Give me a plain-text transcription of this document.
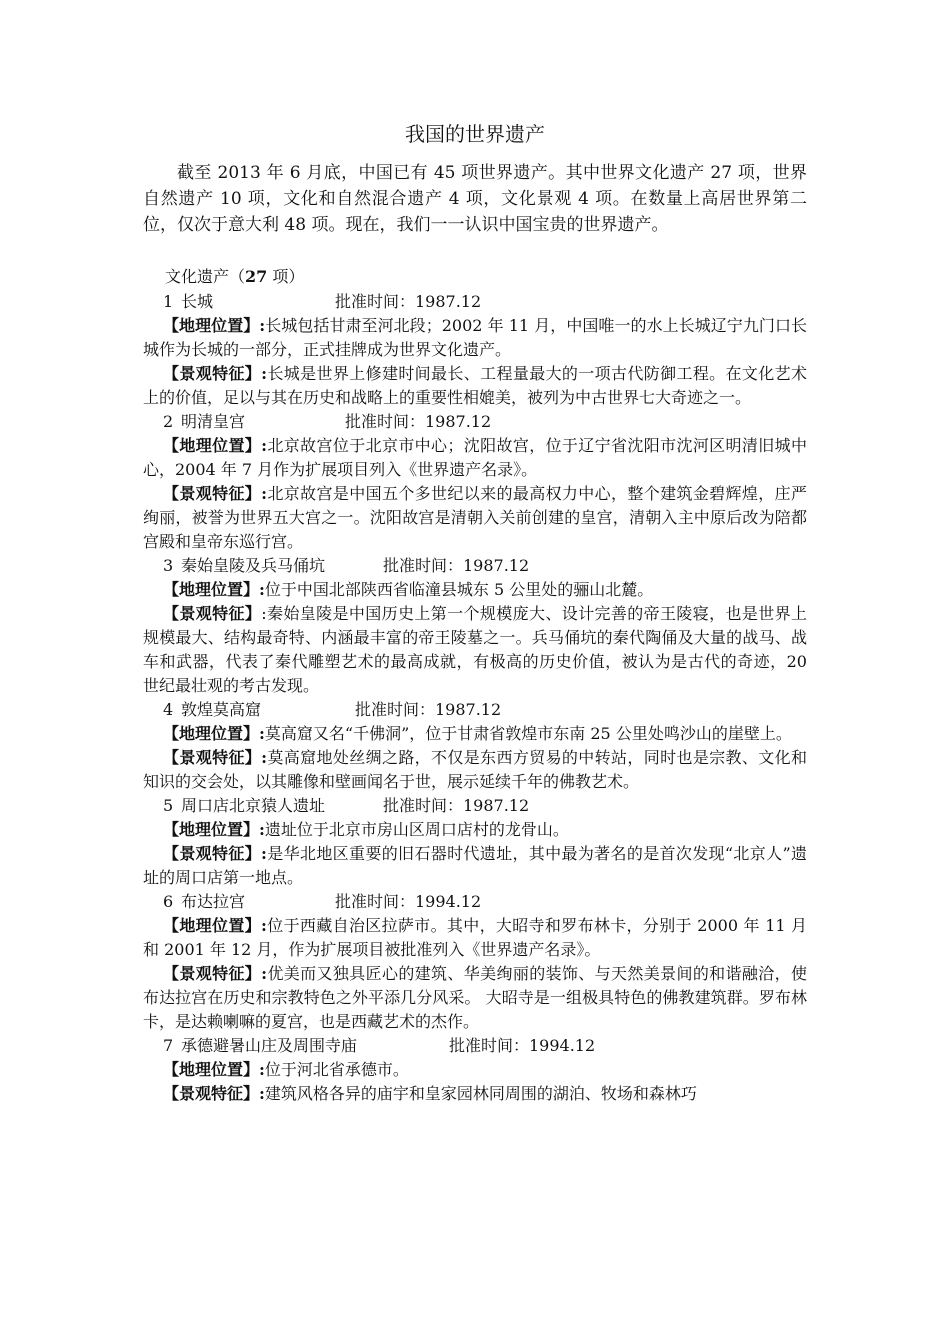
我国的世界遗产

截至 2013 年 6 月底，中国已有 45 项世界遗产。其中世界文化遗产 27 项，世界自然遗产 10 项，文化和自然混合遗产 4 项，文化景观 4 项。在数量上高居世界第二位，仅次于意大利 48 项。现在，我们一一认识中国宝贵的世界遗产。

文化遗产（27 项）

1 长城	批准时间：1987.12

【地理位置】:长城包括甘肃至河北段；2002 年 11 月，中国唯一的水上长城辽宁九门口长城作为长城的一部分，正式挂牌成为世界文化遗产。

【景观特征】:长城是世界上修建时间最长、工程量最大的一项古代防御工程。在文化艺术上的价值，足以与其在历史和战略上的重要性相媲美，被列为中古世界七大奇迹之一。

2 明清皇宫	批准时间：1987.12

【地理位置】:北京故宫位于北京市中心；沈阳故宫，位于辽宁省沈阳市沈河区明清旧城中心，2004 年 7 月作为扩展项目列入《世界遗产名录》。

【景观特征】:北京故宫是中国五个多世纪以来的最高权力中心，整个建筑金碧辉煌，庄严绚丽，被誉为世界五大宫之一。沈阳故宫是清朝入关前创建的皇宫，清朝入主中原后改为陪都宫殿和皇帝东巡行宫。

3 秦始皇陵及兵马俑坑	批准时间：1987.12

【地理位置】:位于中国北部陕西省临潼县城东 5 公里处的骊山北麓。

【景观特征】:秦始皇陵是中国历史上第一个规模庞大、设计完善的帝王陵寝，也是世界上规模最大、结构最奇特、内涵最丰富的帝王陵墓之一。兵马俑坑的秦代陶俑及大量的战马、战车和武器，代表了秦代雕塑艺术的最高成就，有极高的历史价值，被认为是古代的奇迹，20 世纪最壮观的考古发现。

4 敦煌莫高窟	批准时间：1987.12

【地理位置】:莫高窟又名“千佛洞”，位于甘肃省敦煌市东南 25 公里处鸣沙山的崖壁上。

【景观特征】:莫高窟地处丝绸之路，不仅是东西方贸易的中转站，同时也是宗教、文化和知识的交会处，以其雕像和壁画闻名于世，展示延续千年的佛教艺术。

5 周口店北京猿人遗址	批准时间：1987.12

【地理位置】:遗址位于北京市房山区周口店村的龙骨山。

【景观特征】:是华北地区重要的旧石器时代遗址，其中最为著名的是首次发现“北京人”遗址的周口店第一地点。

6 布达拉宫	批准时间：1994.12

【地理位置】:位于西藏自治区拉萨市。其中，大昭寺和罗布林卡，分别于 2000 年 11 月和 2001 年 12 月，作为扩展项目被批准列入《世界遗产名录》。

【景观特征】:优美而又独具匠心的建筑、华美绚丽的装饰、与天然美景间的和谐融洽，使布达拉宫在历史和宗教特色之外平添几分风采。 大昭寺是一组极具特色的佛教建筑群。罗布林卡，是达赖喇嘛的夏宫，也是西藏艺术的杰作。

7 承德避暑山庄及周围寺庙	批准时间：1994.12

【地理位置】:位于河北省承德市。

【景观特征】:建筑风格各异的庙宇和皇家园林同周围的湖泊、牧场和森林巧
